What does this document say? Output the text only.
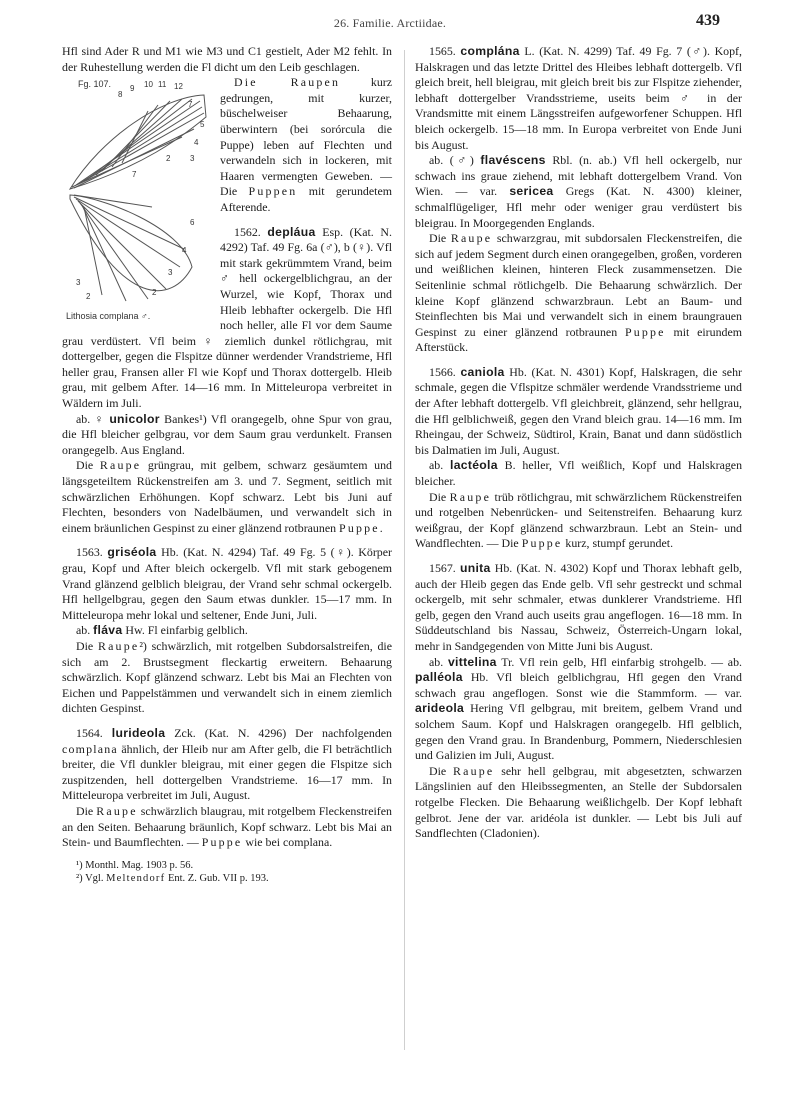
26. Familie. Arctiidae.	439

Hfl sind Ader R und M1 wie M3 und C1 gestielt, Ader M2 fehlt. In der Ruhestellung werden die Fl dicht um den Leib geschlagen.

Fg. 107.
8
9 10 11 12
7
5
4
3
2
6
4
3
2
3
2
7
Lithosia complana ♂.

Die Raupen kurz gedrungen, mit kurzer, büschelweiser Behaarung, überwintern (bei sorórcula die Puppe) leben auf Flechten und verwandeln sich in lockeren, mit Haaren vermengten Geweben. — Die Puppen mit gerundetem Afterende.

1562. depláua Esp. (Kat. N. 4292) Taf. 49 Fg. 6a (♂), b (♀). Vfl mit stark gekrümmtem Vrand, beim ♂ hell ockergelblichgrau, an der Wurzel, wie Kopf, Thorax und Hleib lebhafter ockergelb. Die Hfl noch heller, alle Fl vor dem Saume grau verdüstert. Vfl beim ♀ ziemlich dunkel rötlichgrau, mit dottergelber, gegen die Flspitze dünner werdender Vrandstrieme, Hfl heller grau, Fransen aller Fl wie Kopf und Thorax dottergelb. Hleib grau, mit gelbem After. 14—16 mm. In Mitteleuropa verbreitet in Wäldern im Juli.

ab. ♀ unicolor Bankes¹) Vfl orangegelb, ohne Spur von grau, die Hfl bleicher gelbgrau, vor dem Saum grau verdunkelt. Fransen orangegelb. Aus England.

Die Raupe grüngrau, mit gelbem, schwarz gesäumtem und längsgeteiltem Rückenstreifen am 3. und 7. Segment, seitlich mit schwärzlichen Erhöhungen. Kopf schwarz. Lebt bis Juni auf Flechten, besonders von Nadelbäumen, und verwandelt sich in einem bräunlichen Gespinst zu einer glänzend rotbraunen Puppe.

1563. griséola Hb. (Kat. N. 4294) Taf. 49 Fg. 5 (♀). Körper grau, Kopf und After bleich ockergelb. Vfl mit stark gebogenem Vrand glänzend gelblich bleigrau, der Vrand sehr schmal ockergelb. Hfl hellgelbgrau, gegen den Saum etwas dunkler. 15—17 mm. In Mitteleuropa mehr lokal und seltener, Ende Juni, Juli.

ab. fláva Hw. Fl einfarbig gelblich.

Die Raupe²) schwärzlich, mit rotgelben Subdorsalstreifen, die sich am 2. Brustsegment fleckartig erweitern. Behaarung schwärzlich. Kopf glänzend schwarz. Lebt bis Mai an Flechten von Eichen und Pappelstämmen und verwandelt sich in einem ziemlich dichten Gespinst.

1564. lurideola Zck. (Kat. N. 4296) Der nachfolgenden complana ähnlich, der Hleib nur am After gelb, die Fl beträchtlich breiter, die Vfl dunkler bleigrau, mit einer gegen die Flspitze sich zuspitzenden, hell dottergelben Vrandstrieme. 16—17 mm. In Mitteleuropa verbreitet im Juli, August.

Die Raupe schwärzlich blaugrau, mit rotgelbem Fleckenstreifen an den Seiten. Behaarung bräunlich, Kopf schwarz. Lebt bis Mai an Stein- und Baumflechten. — Puppe wie bei complana.

¹) Monthl. Mag. 1903 p. 56.
²) Vgl. Meltendorf Ent. Z. Gub. VII p. 193.

1565. complána L. (Kat. N. 4299) Taf. 49 Fg. 7 (♂). Kopf, Halskragen und das letzte Drittel des Hleibes lebhaft dottergelb. Vfl gleich breit, hell bleigrau, mit gleich breit bis zur Flspitze ziehender, lebhaft dottergelber Vrandsstrieme, useits beim ♂ in der Vrandsmitte mit einem Längsstreifen aufgeworfener Schuppen. Hfl bleich ockergelb. 15—18 mm. In Europa verbreitet von Ende Juni bis August.

ab. (♂) flavéscens Rbl. (n. ab.) Vfl hell ockergelb, nur schwach ins graue ziehend, mit lebhaft dottergelbem Vrand. Von Wien. — var. sericea Gregs (Kat. N. 4300) kleiner, schmalflügeliger, Hfl mehr oder weniger grau verdüstert bis bleigrau. In Moorgegenden Englands.

Die Raupe schwarzgrau, mit subdorsalen Fleckenstreifen, die sich auf jedem Segment durch einen orangegelben, großen, vorderen und weißlichen kleinen, hinteren Fleck zusammensetzen. Die Seitenlinie schmal rötlichgelb. Die Behaarung schwärzlich. Der kleine Kopf glänzend schwarzbraun. Lebt an Baum- und Steinflechten bis Mai und verwandelt sich in einem braungrauen Gespinst zu einer glänzend rotbraunen Puppe mit eirundem Afterstück.

1566. caniola Hb. (Kat. N. 4301) Kopf, Halskragen, die sehr schmale, gegen die Vflspitze schmäler werdende Vrandsstrieme und der After lebhaft dottergelb. Vfl gleichbreit, glänzend, sehr hellgrau, die Hfl gelblichweiß, gegen den Vrand bleich grau. 14—16 mm. Im Rheingau, der Schweiz, Südtirol, Krain, Banat und dann südöstlich bis Dalmatien im Juli, August.

ab. lactéola B. heller, Vfl weißlich, Kopf und Halskragen bleicher.

Die Raupe trüb rötlichgrau, mit schwärzlichem Rückenstreifen und rotgelben Nebenrücken- und Seitenstreifen. Behaarung kurz weißgrau, der Kopf glänzend schwarzbraun. Lebt an Stein- und Wandflechten. — Die Puppe kurz, stumpf gerundet.

1567. unita Hb. (Kat. N. 4302) Kopf und Thorax lebhaft gelb, auch der Hleib gegen das Ende gelb. Vfl sehr gestreckt und schmal ockergelb, mit sehr schmaler, etwas dunklerer Vrandstrieme. Hfl gelb, gegen den Vrand auch useits grau angeflogen. 16—18 mm. In Süddeutschland bis Nassau, Schweiz, Österreich-Ungarn lokal, mehr in Sandgegenden von Mitte Juni bis August.

ab. vittelina Tr. Vfl rein gelb, Hfl einfarbig strohgelb. — ab. palléola Hb. Vfl bleich gelblichgrau, Hfl gegen den Vrand schwach grau angeflogen. Sonst wie die Stammform. — var. arideola Hering Vfl gelbgrau, mit breitem, gelbem Vrand und solchem Saum. Kopf und Halskragen orangegelb. Hfl gelblich, gegen den Vrand grau. In Brandenburg, Pommern, Niederschlesien und Galizien im Juli, August.

Die Raupe sehr hell gelbgrau, mit abgesetzten, schwarzen Längslinien auf den Hleibssegmenten, an Stelle der Subdorsalen rotgelbe Flecken. Die Behaarung weißlichgelb. Der Kopf lebhaft gelbrot. Jene der var. aridéola ist dunkler. — Lebt bis Juli auf Sandflechten (Cladonien).
